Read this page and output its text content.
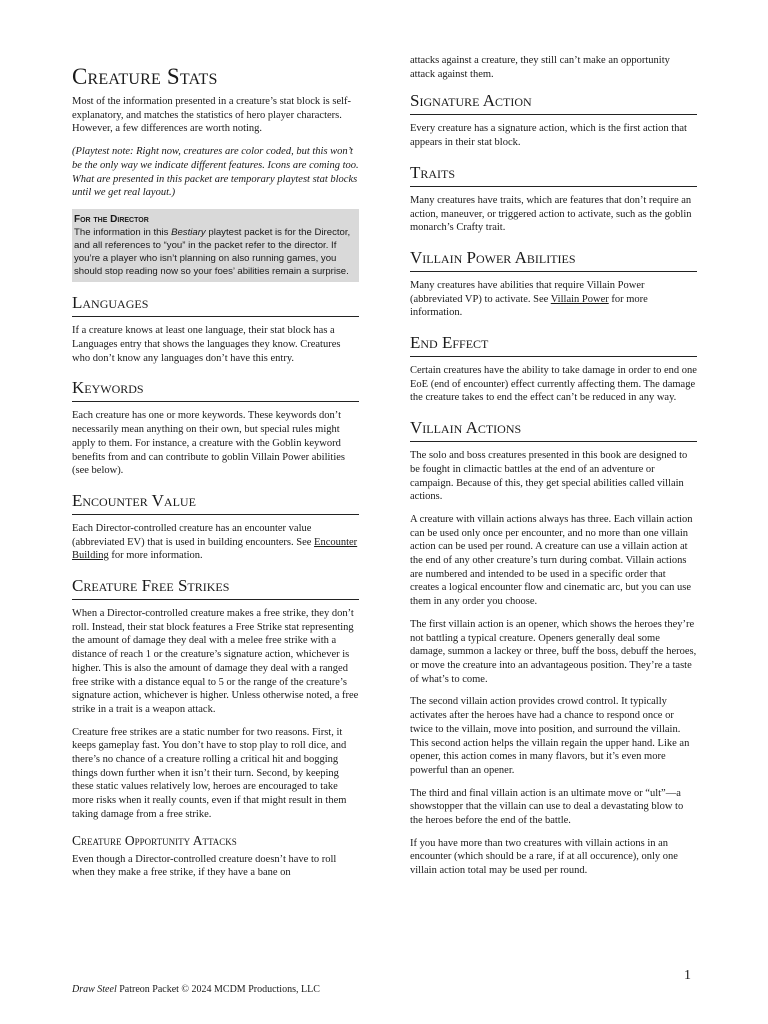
Creature Stats

Most of the information presented in a creature’s stat block is self-explanatory, and matches the statistics of hero player characters. However, a few differences are worth noting.

(Playtest note: Right now, creatures are color coded, but this won’t be the only way we indicate different features. Icons are coming too. What are presented in this packet are temporary playtest stat blocks until we get real layout.)

For the Director
The information in this Bestiary playtest packet is for the Director, and all references to “you” in the packet refer to the director. If you’re a player who isn’t planning on also running games, you should stop reading now so your foes’ abilities remain a surprise.
Languages

If a creature knows at least one language, their stat block has a Languages entry that shows the languages they know. Creatures who don’t know any languages don’t have this entry.

Keywords

Each creature has one or more keywords. These keywords don’t necessarily mean anything on their own, but special rules might apply to them. For instance, a creature with the Goblin keyword benefits from and can contribute to goblin Villain Power abilities (see below).

Encounter Value

Each Director-controlled creature has an encounter value (abbreviated EV) that is used in building encounters. See Encounter Building for more information.

Creature Free Strikes

When a Director-controlled creature makes a free strike, they don’t roll. Instead, their stat block features a Free Strike stat representing the amount of damage they deal with a melee free strike with a distance of reach 1 or the creature’s signature action, whichever is higher. This is also the amount of damage they deal with a ranged free strike with a distance equal to 5 or the range of the creature’s signature action, whichever is higher. Unless otherwise noted, a free strike in a trait is a weapon attack.

Creature free strikes are a static number for two reasons. First, it keeps gameplay fast. You don’t have to stop play to roll dice, and there’s no chance of a creature rolling a critical hit and bogging things down further when it isn’t their turn. Second, by keeping these static values relatively low, heroes are encouraged to take more risks when it really counts, even if that might result in them taking damage from a free strike.

Creature Opportunity Attacks

Even though a Director-controlled creature doesn’t have to roll when they make a free strike, if they have a bane on

attacks against a creature, they still can’t make an opportunity attack against them.

Signature Action

Every creature has a signature action, which is the first action that appears in their stat block.

Traits

Many creatures have traits, which are features that don’t require an action, maneuver, or triggered action to activate, such as the goblin monarch’s Crafty trait.

Villain Power Abilities

Many creatures have abilities that require Villain Power (abbreviated VP) to activate. See Villain Power for more information.

End Effect

Certain creatures have the ability to take damage in order to end one EoE (end of encounter) effect currently affecting them. The damage the creature takes to end the effect can’t be reduced in any way.

Villain Actions

The solo and boss creatures presented in this book are designed to be fought in climactic battles at the end of an adventure or campaign. Because of this, they get special abilities called villain actions.

A creature with villain actions always has three. Each villain action can be used only once per encounter, and no more than one villain action can be used per round. A creature can use a villain action at the end of any other creature’s turn during combat. Villain actions are numbered and intended to be used in a specific order that creates a logical encounter flow and cinematic arc, but you can use them in any order you choose.

The first villain action is an opener, which shows the heroes they’re not battling a typical creature. Openers generally deal some damage, summon a lackey or three, buff the boss, debuff the heroes, or move the creature into an advantageous position. They’re a taste of what’s to come.

The second villain action provides crowd control. It typically activates after the heroes have had a chance to respond once or twice to the villain, move into position, and surround the villain. This second action helps the villain regain the upper hand. Like an opener, this action comes in many flavors, but it’s even more powerful than an opener.

The third and final villain action is an ultimate move or “ult”—a showstopper that the villain can use to deal a devastating blow to the heroes before the end of the battle.

If you have more than two creatures with villain actions in an encounter (which should be a rare, if at all occurence), only one villain action total may be used per round.

1
Draw Steel Patreon Packet © 2024 MCDM Productions, LLC
